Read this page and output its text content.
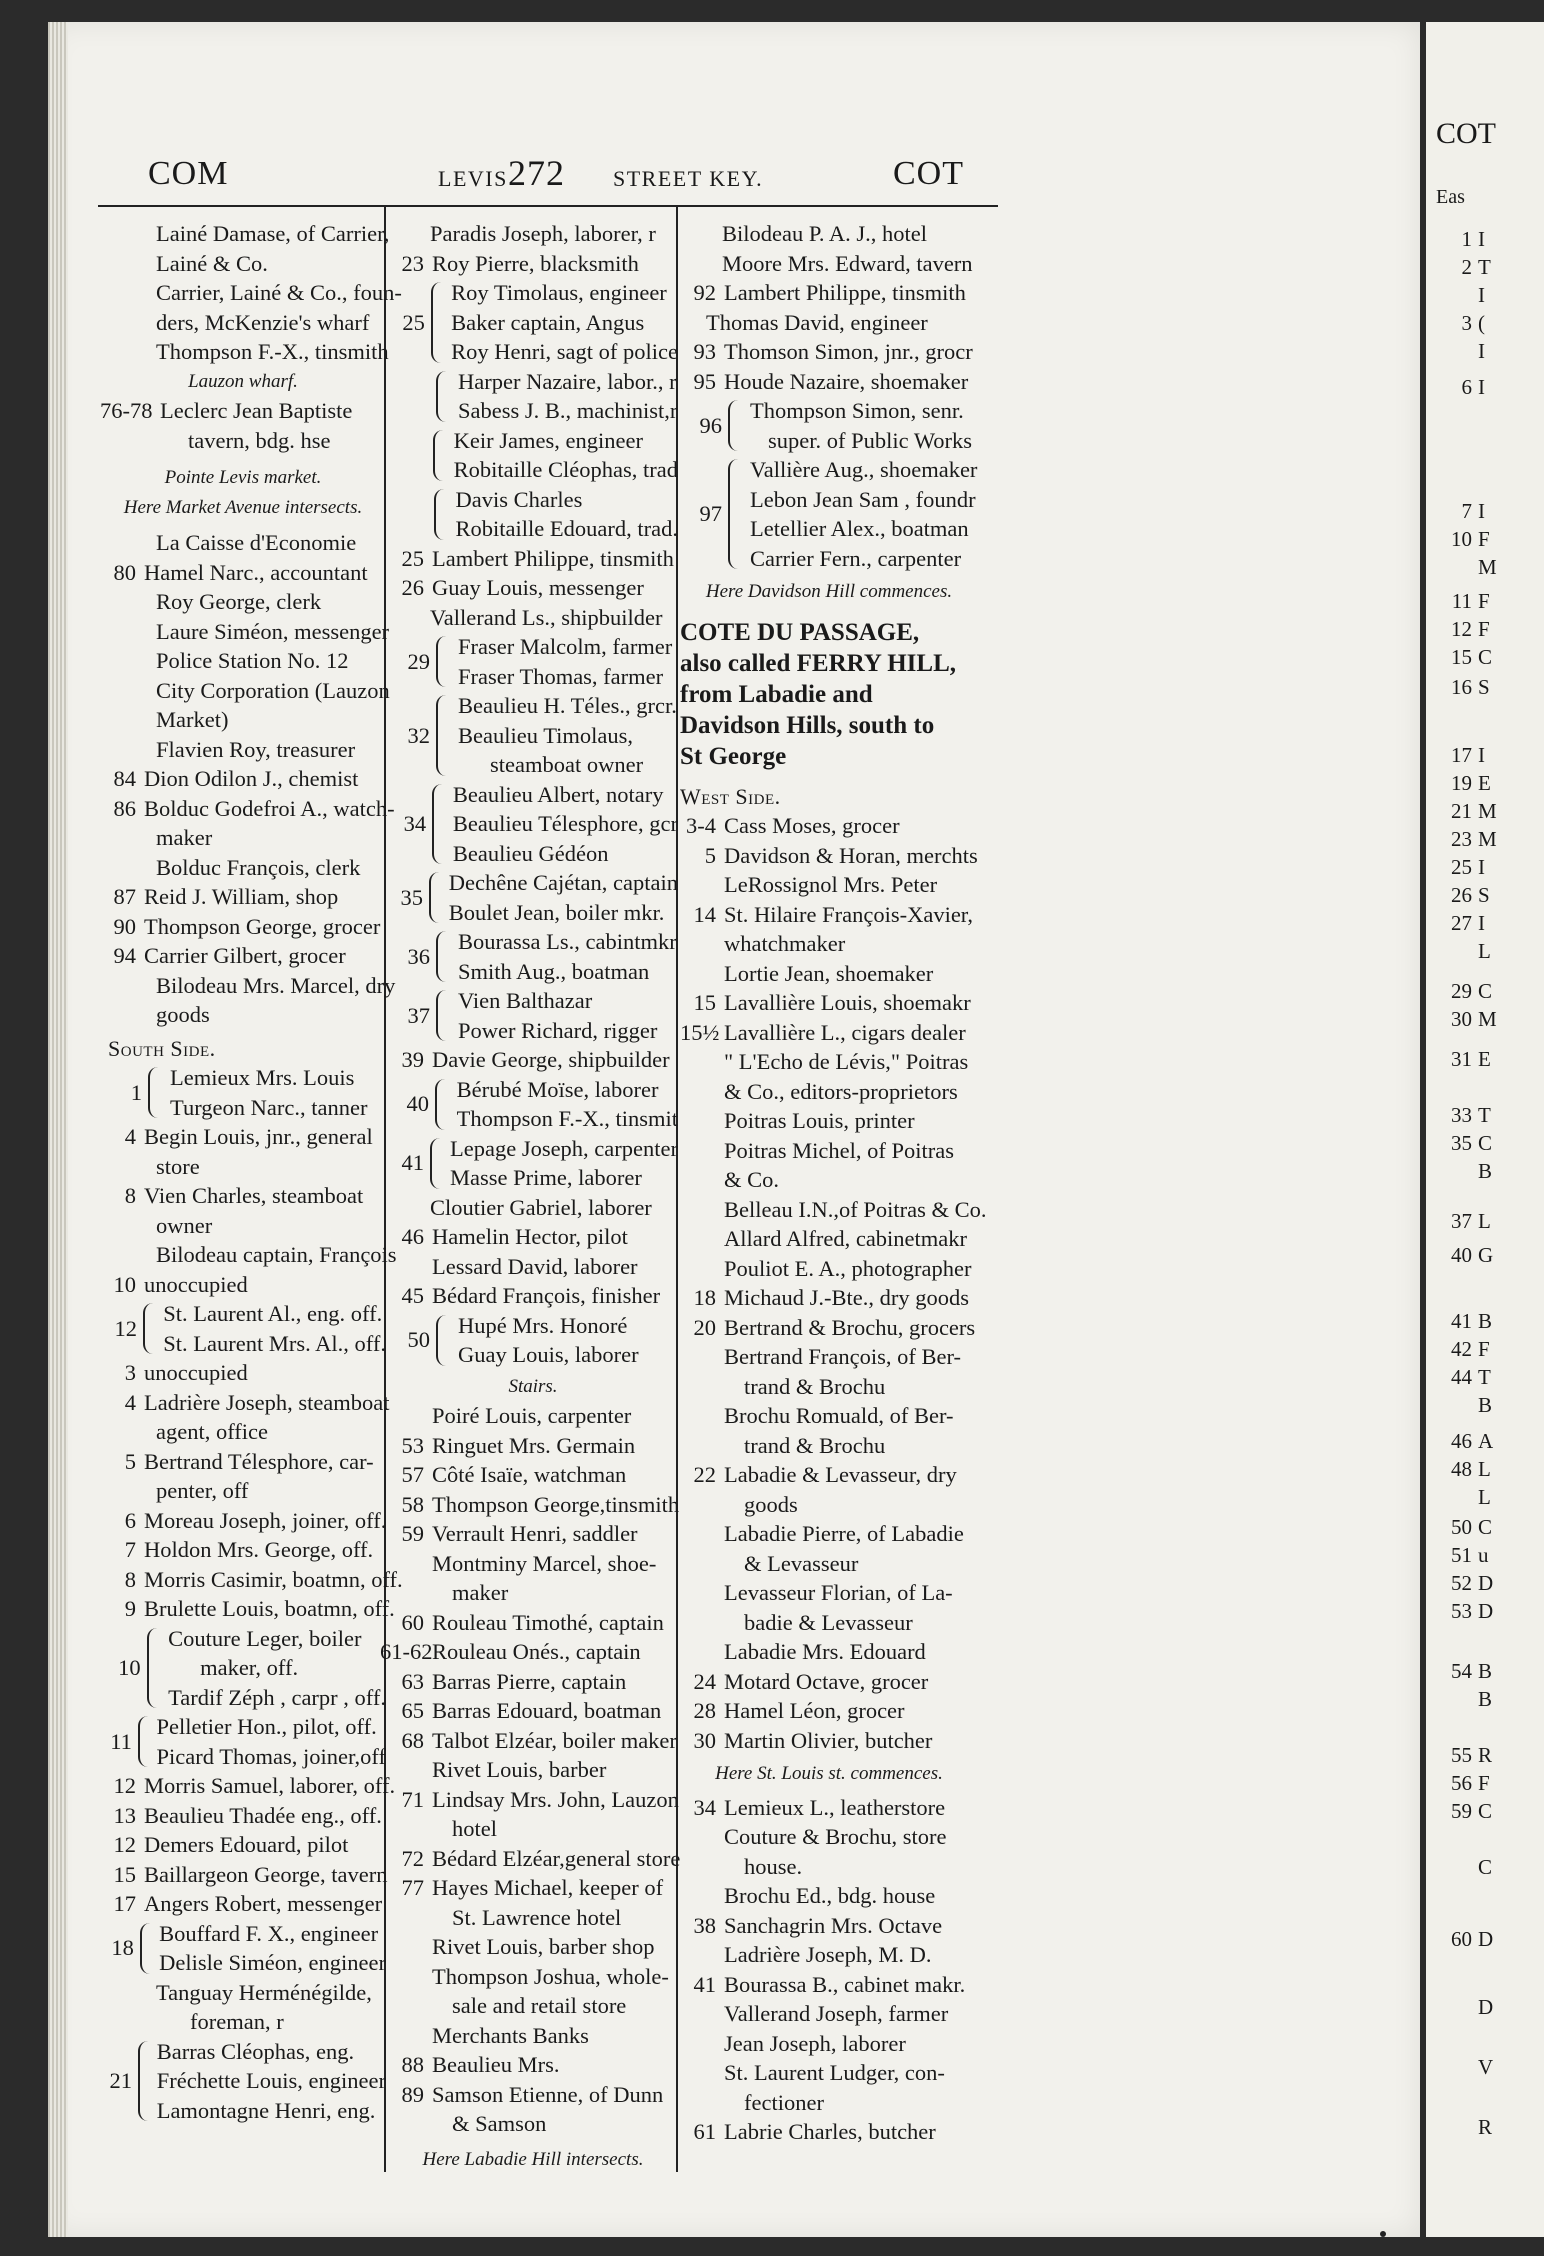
COM	LEVIS 272 STREET KEY.	COT
Lainé Damase, of Carrier,
Lainé & Co.
Carrier, Lainé & Co., foun-
ders, McKenzie's wharf
Thompson F.-X., tinsmith
Lauzon wharf.
76-78 Leclerc Jean Baptiste
tavern, bdg. hse
Pointe Levis market.
Here Market Avenue intersects.
La Caisse d'Economie
80 Hamel Narc., accountant
Roy George, clerk
Laure Siméon, messenger
Police Station No. 12
City Corporation (Lauzon
Market)
Flavien Roy, treasurer
84 Dion Odilon J., chemist
86 Bolduc Godefroi A., watch-
maker
Bolduc François, clerk
87 Reid J. William, shop
90 Thompson George, grocer
94 Carrier Gilbert, grocer
Bilodeau Mrs. Marcel, dry
goods
South Side.
1
Lemieux Mrs. Louis
Turgeon Narc., tanner
4 Begin Louis, jnr., general
store
8 Vien Charles, steamboat
owner
Bilodeau captain, François
10 unoccupied
12
St. Laurent Al., eng. off.
St. Laurent Mrs. Al., off.
3 unoccupied
4 Ladrière Joseph, steamboat
agent, office
5 Bertrand Télesphore, car-
penter, off
6 Moreau Joseph, joiner, off.
7 Holdon Mrs. George, off.
8 Morris Casimir, boatmn, off.
9 Brulette Louis, boatmn, off.
10
Couture Leger, boiler
maker, off.
Tardif Zéph , carpr , off.
11
Pelletier Hon., pilot, off.
Picard Thomas, joiner,off
12 Morris Samuel, laborer, off.
13 Beaulieu Thadée eng., off.
12 Demers Edouard, pilot
15 Baillargeon George, tavern
17 Angers Robert, messenger
18
Bouffard F. X., engineer
Delisle Siméon, engineer
Tanguay Herménégilde,
foreman, r
21
Barras Cléophas, eng.
Fréchette Louis, engineer
Lamontagne Henri, eng.
Paradis Joseph, laborer, r
23 Roy Pierre, blacksmith
25
Roy Timolaus, engineer
Baker captain, Angus
Roy Henri, sagt of police
Harper Nazaire, labor., r
Sabess J. B., machinist,r
Keir James, engineer
Robitaille Cléophas, trad
Davis Charles
Robitaille Edouard, trad.
25 Lambert Philippe, tinsmith
26 Guay Louis, messenger
Vallerand Ls., shipbuilder
29
Fraser Malcolm, farmer
Fraser Thomas, farmer
32
Beaulieu H. Téles., grcr.
Beaulieu Timolaus,
steamboat owner
34
Beaulieu Albert, notary
Beaulieu Télesphore, gcr
Beaulieu Gédéon
35
Dechêne Cajétan, captain
Boulet Jean, boiler mkr.
36
Bourassa Ls., cabintmkr
Smith Aug., boatman
37
Vien Balthazar
Power Richard, rigger
39 Davie George, shipbuilder
40
Bérubé Moïse, laborer
Thompson F.-X., tinsmit
41
Lepage Joseph, carpenter
Masse Prime, laborer
Cloutier Gabriel, laborer
46 Hamelin Hector, pilot
Lessard David, laborer
45 Bédard François, finisher
50
Hupé Mrs. Honoré
Guay Louis, laborer
Stairs.
Poiré Louis, carpenter
53 Ringuet Mrs. Germain
57 Côté Isaïe, watchman
58 Thompson George,tinsmith
59 Verrault Henri, saddler
Montminy Marcel, shoe-
maker
60 Rouleau Timothé, captain
61-62 Rouleau Onés., captain
63 Barras Pierre, captain
65 Barras Edouard, boatman
68 Talbot Elzéar, boiler maker
Rivet Louis, barber
71 Lindsay Mrs. John, Lauzon
hotel
72 Bédard Elzéar,general store
77 Hayes Michael, keeper of
St. Lawrence hotel
Rivet Louis, barber shop
Thompson Joshua, whole-
sale and retail store
Merchants Banks
88 Beaulieu Mrs.
89 Samson Etienne, of Dunn
& Samson
Here Labadie Hill intersects.
Bilodeau P. A. J., hotel
Moore Mrs. Edward, tavern
92 Lambert Philippe, tinsmith
Thomas David, engineer
93 Thomson Simon, jnr., grocr
95 Houde Nazaire, shoemaker
96
Thompson Simon, senr.
super. of Public Works
97
Vallière Aug., shoemaker
Lebon Jean Sam , foundr
Letellier Alex., boatman
Carrier Fern., carpenter
Here Davidson Hill commences.
COTE DU PASSAGE, also called FERRY HILL, from Labadie and Davidson Hills, south to St George
West Side.
3-4 Cass Moses, grocer
5 Davidson & Horan, merchts
LeRossignol Mrs. Peter
14 St. Hilaire François-Xavier,
whatchmaker
Lortie Jean, shoemaker
15 Lavallière Louis, shoemakr
15½ Lavallière L., cigars dealer
" L'Echo de Lévis," Poitras
& Co., editors-proprietors
Poitras Louis, printer
Poitras Michel, of Poitras
& Co.
Belleau I.N.,of Poitras & Co.
Allard Alfred, cabinetmakr
Pouliot E. A., photographer
18 Michaud J.-Bte., dry goods
20 Bertrand & Brochu, grocers
Bertrand François, of Ber-
trand & Brochu
Brochu Romuald, of Ber-
trand & Brochu
22 Labadie & Levasseur, dry
goods
Labadie Pierre, of Labadie
& Levasseur
Levasseur Florian, of La-
badie & Levasseur
Labadie Mrs. Edouard
24 Motard Octave, grocer
28 Hamel Léon, grocer
30 Martin Olivier, butcher
Here St. Louis st. commences.
34 Lemieux L., leatherstore
Couture & Brochu, store
house.
Brochu Ed., bdg. house
38 Sanchagrin Mrs. Octave
Ladrière Joseph, M. D.
41 Bourassa B., cabinet makr.
Vallerand Joseph, farmer
Jean Joseph, laborer
St. Laurent Ludger, con-
fectioner
61 Labrie Charles, butcher
COT
Eas
1 I
2 T
I
3 (
I
6 I
7 I
10 F
M
11 F
12 F
15 C
16 S
17 I
19 E
21 M
23 M
25 I
26 S
27 I
L
29 C
30 M
31 E
33 T
35 C
B
37 L
40 G
41 B
42 F
44 T
B
46 A
48 L
L
50 C
51 u
52 D
53 D
54 B
B
55 R
56 F
59 C
C
60 D
D
V
R
